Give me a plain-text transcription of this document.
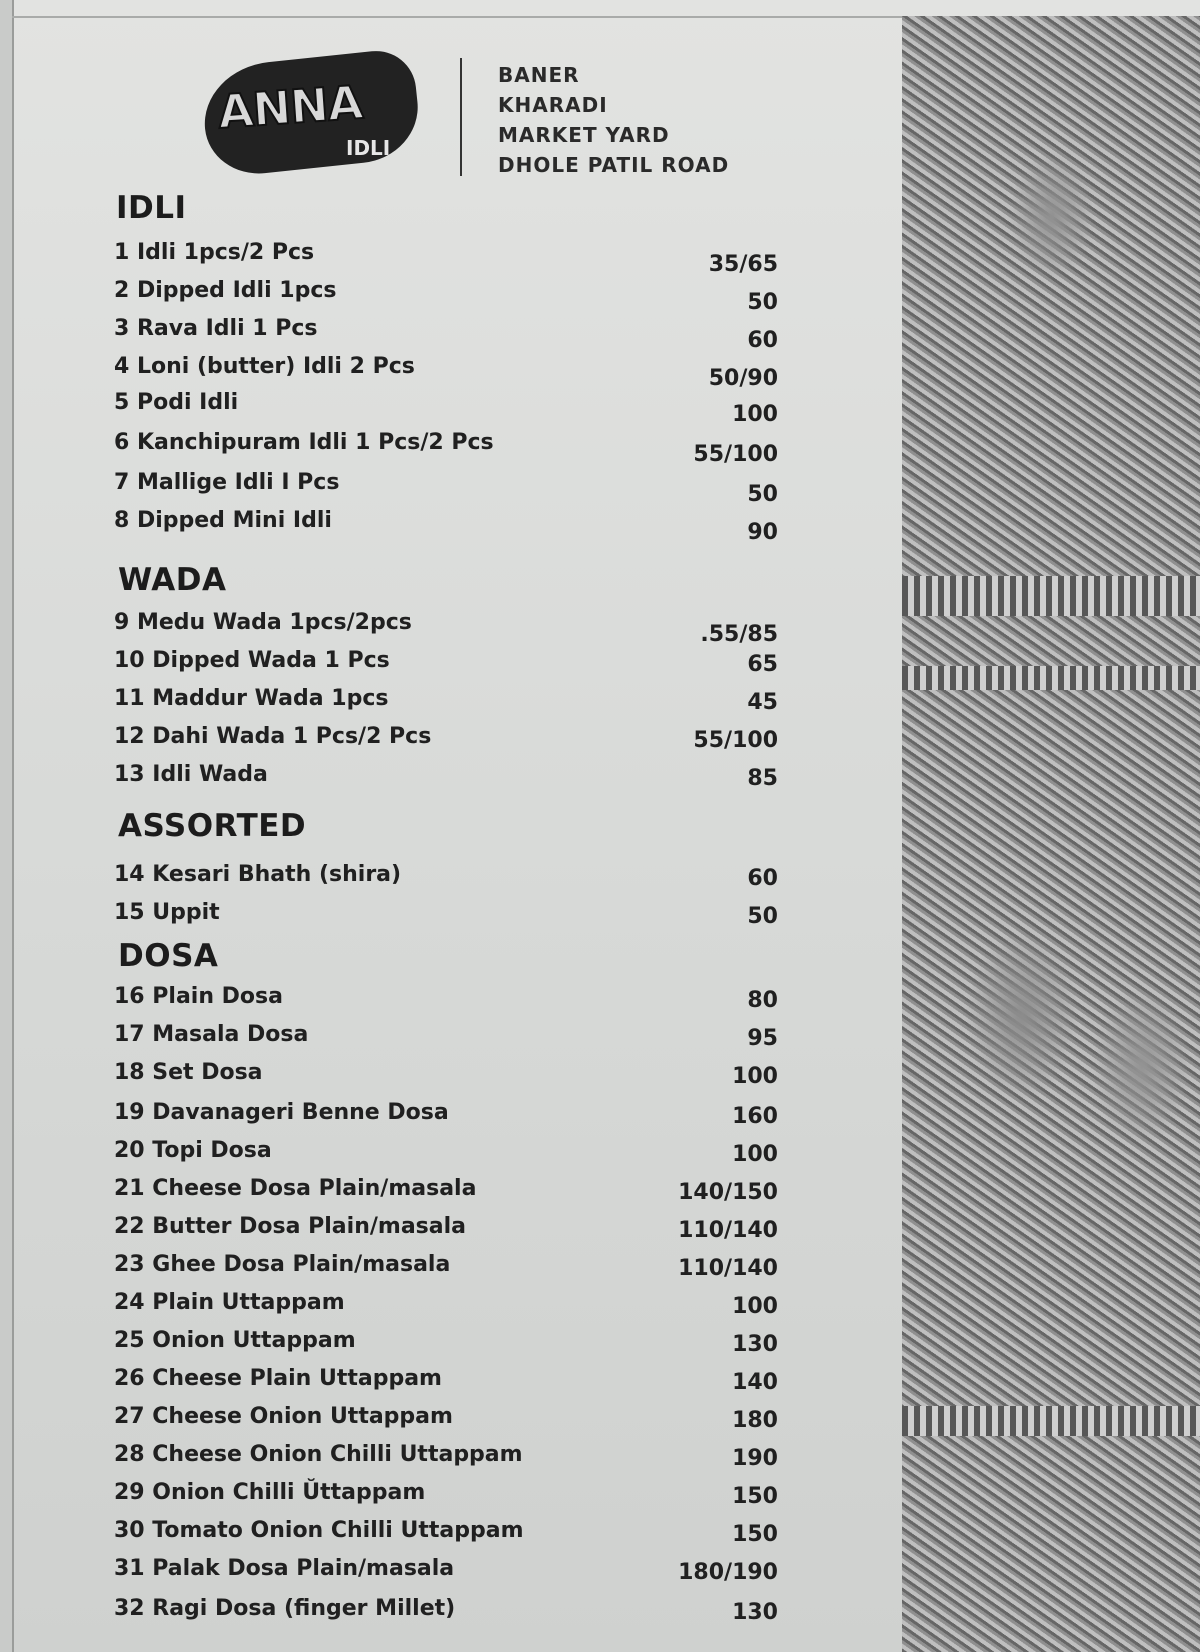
ANNA
IDLI
BANER
KHARADI
MARKET YARD
DHOLE PATIL ROAD
IDLI
1 Idli 1pcs/2 Pcs	35/65
2 Dipped Idli 1pcs	50
3 Rava Idli 1 Pcs	60
4 Loni (butter) Idli 2 Pcs	50/90
5 Podi Idli	100
6 Kanchipuram Idli 1 Pcs/2 Pcs	55/100
7 Mallige Idli I Pcs	50
8 Dipped Mini Idli	90
WADA
9 Medu Wada 1pcs/2pcs	.55/85
10 Dipped Wada 1 Pcs	65
11 Maddur Wada 1pcs	45
12 Dahi Wada 1 Pcs/2 Pcs	55/100
13 Idli Wada	85
ASSORTED
14 Kesari Bhath (shira)	60
15 Uppit	50
DOSA
16 Plain Dosa	80
17 Masala Dosa	95
18 Set Dosa	100
19 Davanageri Benne Dosa	160
20 Topi Dosa	100
21 Cheese Dosa Plain/masala	140/150
22 Butter Dosa Plain/masala	110/140
23 Ghee Dosa Plain/masala	110/140
24 Plain Uttappam	100
25 Onion Uttappam	130
26 Cheese Plain Uttappam	140
27 Cheese Onion Uttappam	180
28 Cheese Onion Chilli Uttappam	190
29 Onion Chilli Ŭttappam	150
30 Tomato Onion Chilli Uttappam	150
31 Palak Dosa Plain/masala	180/190
32 Ragi Dosa (finger Millet)	130
